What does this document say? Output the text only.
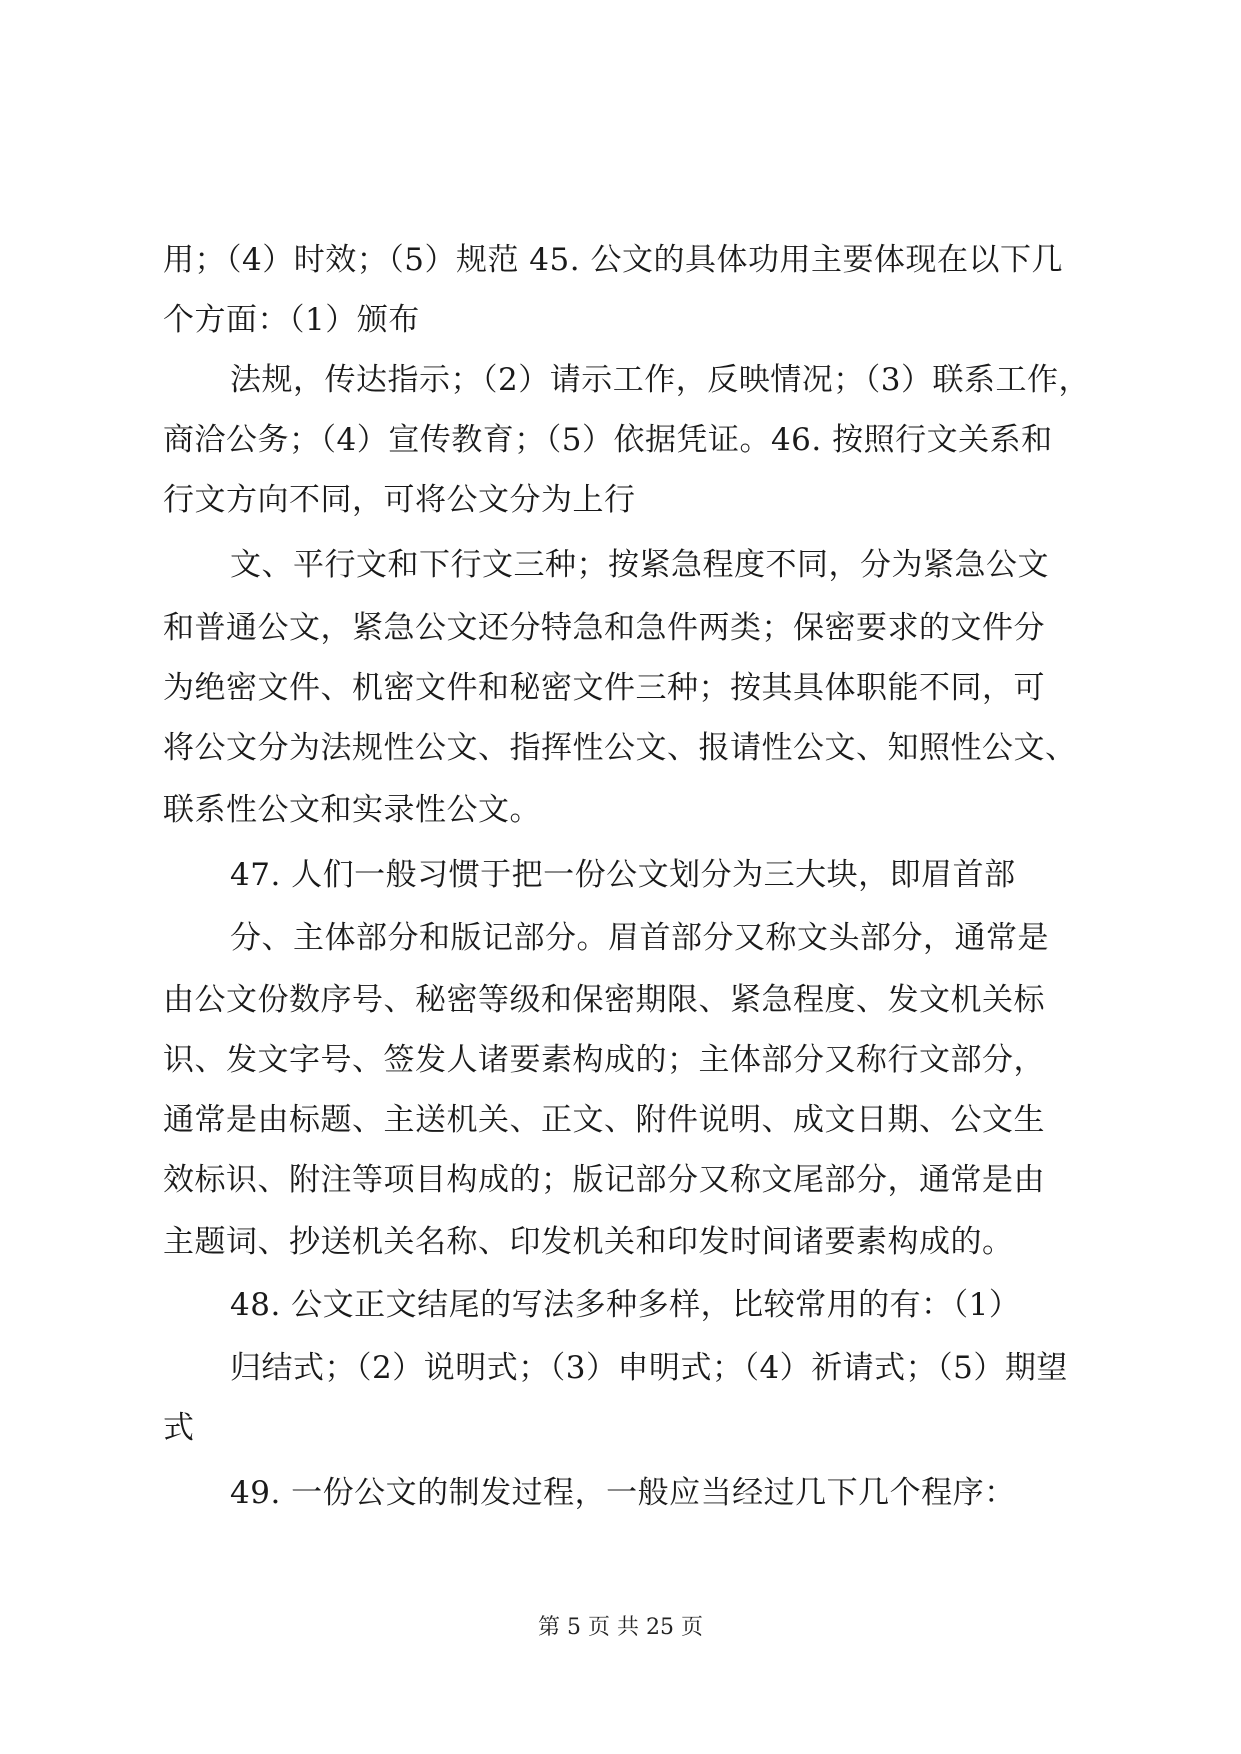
用；（4）时效；（5）规范 45. 公文的具体功用主要体现在以下几
个方面：（1）颁布
法规，传达指示；（2）请示工作，反映情况；（3）联系工作，
商洽公务；（4）宣传教育；（5）依据凭证。46. 按照行文关系和
行文方向不同，可将公文分为上行
文、平行文和下行文三种；按紧急程度不同，分为紧急公文
和普通公文，紧急公文还分特急和急件两类；保密要求的文件分
为绝密文件、机密文件和秘密文件三种；按其具体职能不同，可
将公文分为法规性公文、指挥性公文、报请性公文、知照性公文、
联系性公文和实录性公文。
47. 人们一般习惯于把一份公文划分为三大块，即眉首部
分、主体部分和版记部分。眉首部分又称文头部分，通常是
由公文份数序号、秘密等级和保密期限、紧急程度、发文机关标
识、发文字号、签发人诸要素构成的；主体部分又称行文部分，
通常是由标题、主送机关、正文、附件说明、成文日期、公文生
效标识、附注等项目构成的；版记部分又称文尾部分，通常是由
主题词、抄送机关名称、印发机关和印发时间诸要素构成的。
48. 公文正文结尾的写法多种多样，比较常用的有：（1）
归结式；（2）说明式；（3）申明式；（4）祈请式；（5）期望
式
49. 一份公文的制发过程，一般应当经过几下几个程序：
第 5 页 共 25 页
